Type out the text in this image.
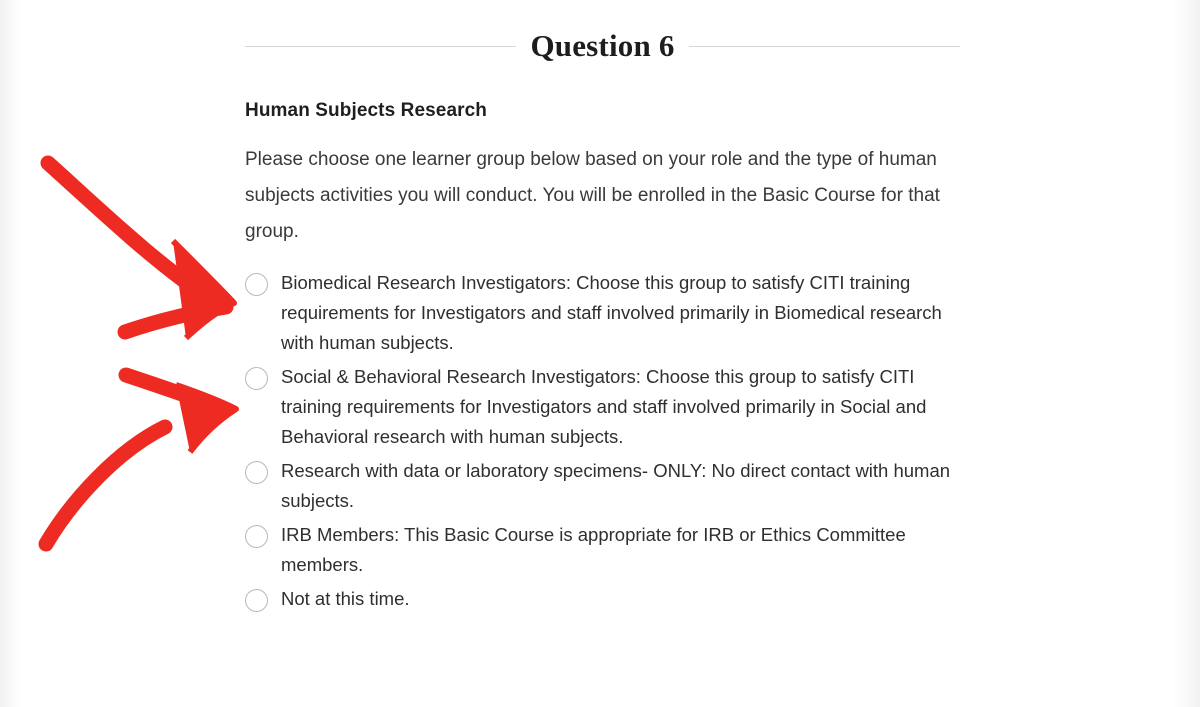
Question 6
Human Subjects Research

Please choose one learner group below based on your role and the type of human subjects activities you will conduct. You will be enrolled in the Basic Course for that group.

Biomedical Research Investigators: Choose this group to satisfy CITI training requirements for Investigators and staff involved primarily in Biomedical research with human subjects.
Social & Behavioral Research Investigators: Choose this group to satisfy CITI training requirements for Investigators and staff involved primarily in Social and Behavioral research with human subjects.
Research with data or laboratory specimens- ONLY: No direct contact with human subjects.
IRB Members: This Basic Course is appropriate for IRB or Ethics Committee members.
Not at this time.
